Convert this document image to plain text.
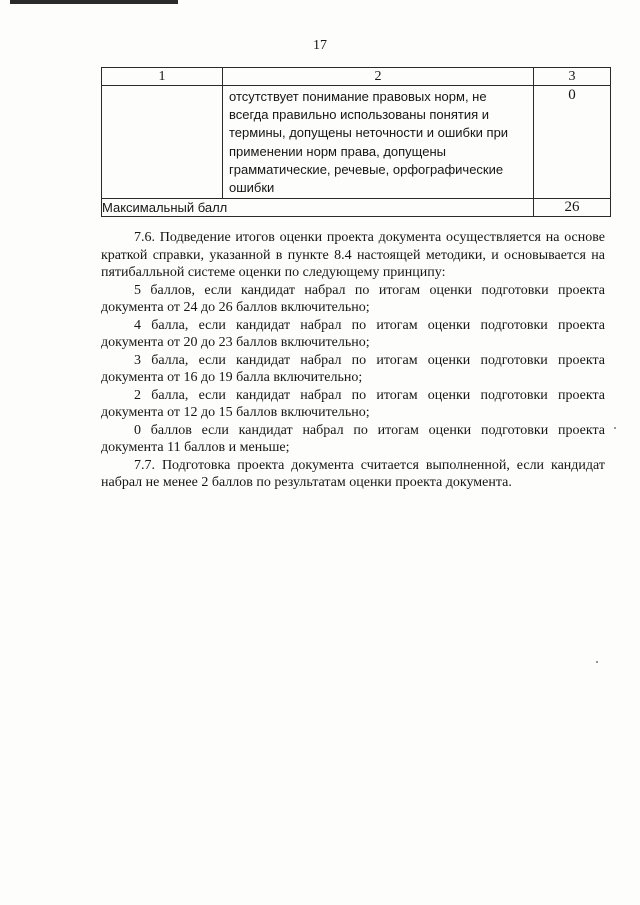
17
1	2	3

	отсутствует понимание правовых норм, не всегда правильно использованы понятия и термины, допущены неточности и ошибки при применении норм права, допущены грамматические, речевые, орфографические ошибки	0
Максимальный балл		26

7.6. Подведение итогов оценки проекта документа осуществляется на основе краткой справки, указанной в пункте 8.4 настоящей методики, и основывается на пятибалльной системе оценки по следующему принципу:

5 баллов, если кандидат набрал по итогам оценки подготовки проекта документа от 24 до 26 баллов включительно;

4 балла, если кандидат набрал по итогам оценки подготовки проекта документа от 20 до 23 баллов включительно;

3 балла, если кандидат набрал по итогам оценки подготовки проекта документа от 16 до 19 балла включительно;

2 балла, если кандидат набрал по итогам оценки подготовки проекта документа от 12 до 15 баллов включительно;

0 баллов если кандидат набрал по итогам оценки подготовки проекта документа 11 баллов и меньше;

7.7. Подготовка проекта документа считается выполненной, если кандидат набрал не менее 2 баллов по результатам оценки проекта документа.
